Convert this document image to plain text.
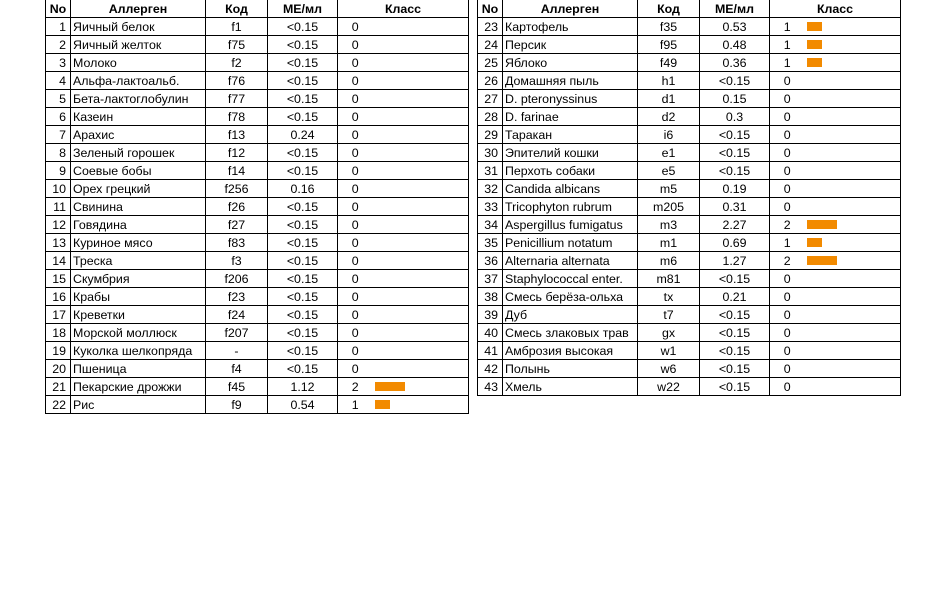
No	Аллерген	Код	МЕ/мл	Класс	
1	Яичный белок	f1	<0.15	0	
2	Яичный желток	f75	<0.15	0	
3	Молоко	f2	<0.15	0	
4	Альфа-лактоальб.	f76	<0.15	0	
5	Бета-лактоглобулин	f77	<0.15	0	
6	Казеин	f78	<0.15	0	
7	Арахис	f13	0.24	0	
8	Зеленый горошек	f12	<0.15	0	
9	Соевые бобы	f14	<0.15	0	
10	Орех грецкий	f256	0.16	0	
11	Свинина	f26	<0.15	0	
12	Говядина	f27	<0.15	0	
13	Куриное мясо	f83	<0.15	0	
14	Треска	f3	<0.15	0	
15	Скумбрия	f206	<0.15	0	
16	Крабы	f23	<0.15	0	
17	Креветки	f24	<0.15	0	
18	Морской моллюск	f207	<0.15	0	
19	Куколка шелкопряда	-	<0.15	0	
20	Пшеница	f4	<0.15	0	
21	Пекарские дрожжи	f45	1.12	2	

22	Рис	f9	0.54	1	
No	Аллерген	Код	МЕ/мл	Класс	
23	Картофель	f35	0.53	1	

24	Персик	f95	0.48	1	

25	Яблоко	f49	0.36	1	

26	Домашняя пыль	h1	<0.15	0	
27	D. pteronyssinus	d1	0.15	0	
28	D. farinae	d2	0.3	0	
29	Таракан	i6	<0.15	0	
30	Эпителий кошки	e1	<0.15	0	
31	Перхоть собаки	e5	<0.15	0	
32	Candida albicans	m5	0.19	0	
33	Tricophyton rubrum	m205	0.31	0	
34	Aspergillus fumigatus	m3	2.27	2	

35	Penicillium notatum	m1	0.69	1	

36	Alternaria alternata	m6	1.27	2	

37	Staphylococcal enter.	m81	<0.15	0	
38	Смесь берёза-ольха	tx	0.21	0	
39	Дуб	t7	<0.15	0	
40	Смесь злаковых трав	gx	<0.15	0	
41	Амброзия высокая	w1	<0.15	0	
42	Полынь	w6	<0.15	0	
43	Хмель	w22	<0.15	0	
